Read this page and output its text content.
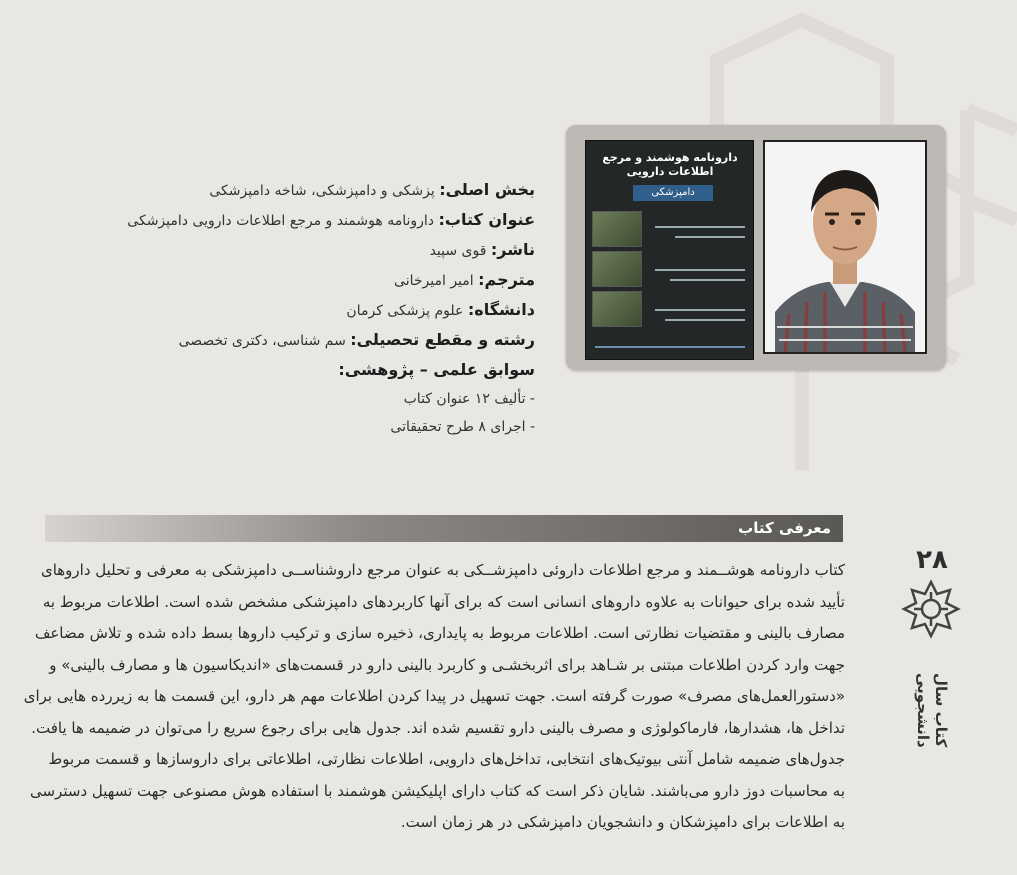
دارونامه هوشمند و مرجع اطلاعات دارویی
دامپزشکی
بخش اصلی: پزشکی و دامپزشکی، شاخه دامپزشکی
عنوان کتاب: دارونامه هوشمند و مرجع اطلاعات دارویی دامپزشکی
ناشر: قوی سپید
مترجم: امیر امیرخانی
دانشگاه: علوم پزشکی کرمان
رشته و مقطع تحصیلی: سم شناسی، دکتری تخصصی
سوابق علمی – پژوهشی:
- تألیف ۱۲ عنوان کتاب
- اجرای ۸ طرح تحقیقاتی
معرفی کتاب

کتاب دارونامه هوشــمند و مرجع اطلاعات داروئی دامپزشــکی به عنوان مرجع داروشناســی دامپزشکی به معرفی و تحلیل داروهای

تأیید شده برای حیوانات به علاوه داروهای انسانی است که برای آنها کاربردهای دامپزشکی مشخص شده است. اطلاعات مربوط به

مصارف بالینی و مقتضیات نظارتی است. اطلاعات مربوط به پایداری، ذخیره سازی و ترکیب داروها بسط داده شده و تلاش مضاعف

جهت وارد کردن اطلاعات مبتنی بر شـاهد برای اثربخشـی و کاربرد بالینی دارو در قسمت‌های «اندیکاسیون ها و مصارف بالینی» و

«دستورالعمل‌های مصرف» صورت گرفته است. جهت تسهیل در پیدا کردن اطلاعات مهم هر دارو، این قسمت ها به زیررده هایی برای

تداخل ها، هشدارها، فارماکولوژی و مصرف بالینی دارو تقسیم شده اند. جدول هایی برای رجوع سریع را می‌توان در ضمیمه ها یافت.

جدول‌های ضمیمه شامل آنتی بیوتیک‌های انتخابی، تداخل‌های دارویی، اطلاعات نظارتی، اطلاعاتی برای داروسازها و قسمت مربوط

به محاسبات دوز دارو می‌باشند. شایان ذکر است که کتاب دارای اپلیکیشن هوشمند با استفاده هوش مصنوعی جهت تسهیل دسترسی

به اطلاعات برای دامپزشکان و دانشجویان دامپزشکی در هر زمان است.

۲۸
کتاب سال دانشجویی
